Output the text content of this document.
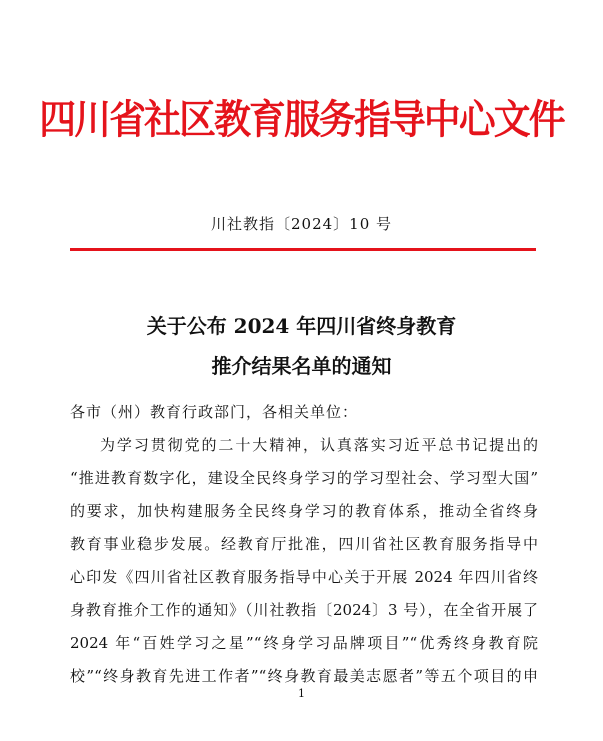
四川省社区教育服务指导中心文件
川社教指〔2024〕10 号
关于公布 2024 年四川省终身教育
推介结果名单的通知
各市（州）教育行政部门，各相关单位：
为学习贯彻党的二十大精神，认真落实习近平总书记提出的
“推进教育数字化，建设全民终身学习的学习型社会、学习型大国”
的要求，加快构建服务全民终身学习的教育体系，推动全省终身
教育事业稳步发展。经教育厅批准，四川省社区教育服务指导中
心印发《四川省社区教育服务指导中心关于开展 2024 年四川省终
身教育推介工作的通知》（川社教指〔2024〕3 号），在全省开展了
2024 年“百姓学习之星”“终身学习品牌项目”“优秀终身教育院
校”“终身教育先进工作者”“终身教育最美志愿者”等五个项目的申
1
